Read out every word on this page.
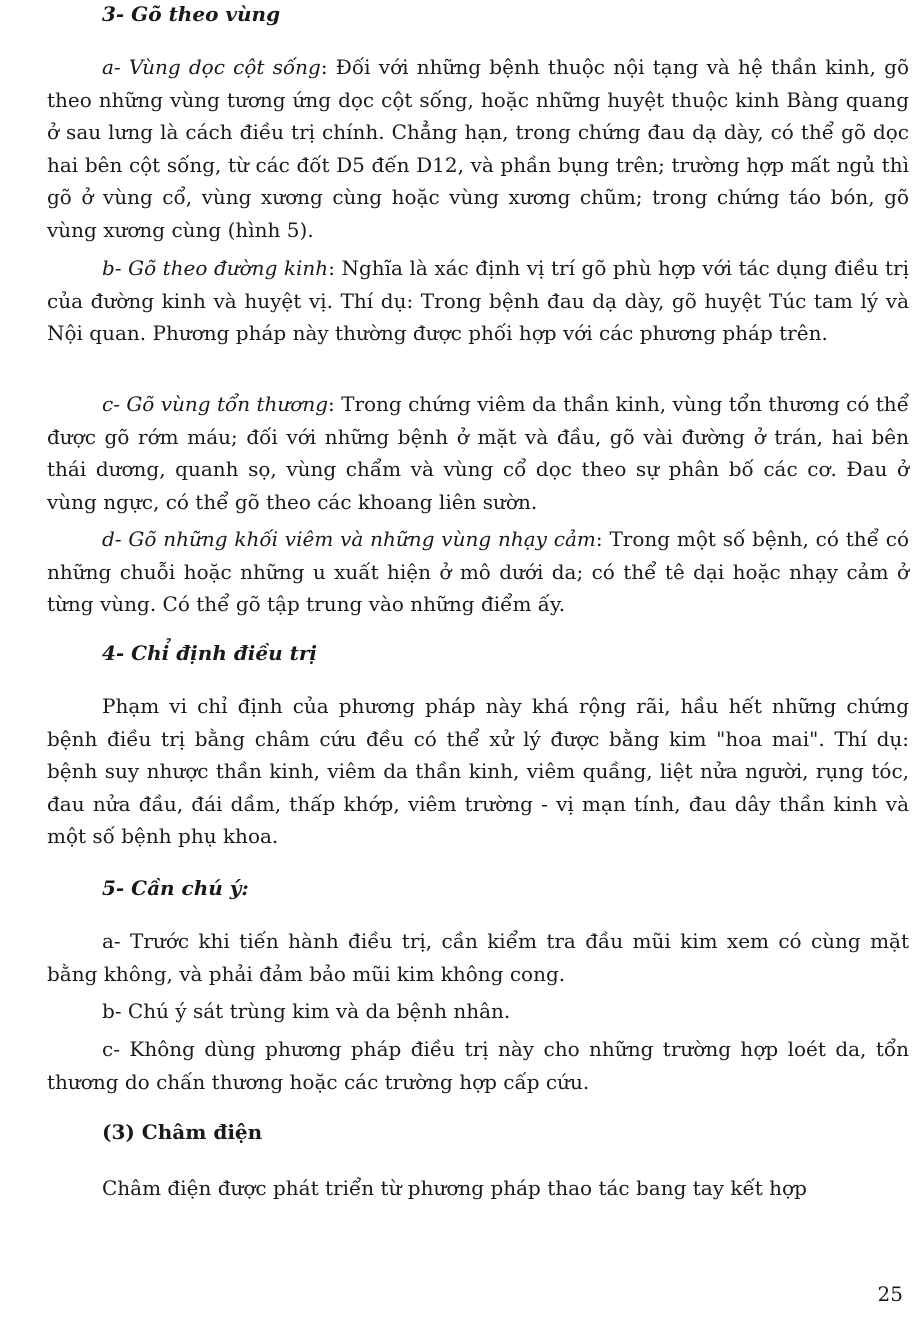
3- Gõ theo vùng

a- Vùng dọc cột sống: Đối với những bệnh thuộc nội tạng và hệ thần kinh, gõ theo những vùng tương ứng dọc cột sống, hoặc những huyệt thuộc kinh Bàng quang ở sau lưng là cách điều trị chính. Chẳng hạn, trong chứng đau dạ dày, có thể gõ dọc hai bên cột sống, từ các đốt D5 đến D12, và phần bụng trên; trường hợp mất ngủ thì gõ ở vùng cổ, vùng xương cùng hoặc vùng xương chũm; trong chứng táo bón, gõ vùng xương cùng (hình 5).

b- Gõ theo đường kinh: Nghĩa là xác định vị trí gõ phù hợp với tác dụng điều trị của đường kinh và huyệt vị. Thí dụ: Trong bệnh đau dạ dày, gõ huyệt Túc tam lý và Nội quan. Phương pháp này thường được phối hợp với các phương pháp trên.

c- Gõ vùng tổn thương: Trong chứng viêm da thần kinh, vùng tổn thương có thể được gõ rớm máu; đối với những bệnh ở mặt và đầu, gõ vài đường ở trán, hai bên thái dương, quanh sọ, vùng chẩm và vùng cổ dọc theo sự phân bố các cơ. Đau ở vùng ngực, có thể gõ theo các khoang liên sườn.

d- Gõ những khối viêm và những vùng nhạy cảm: Trong một số bệnh, có thể có những chuỗi hoặc những u xuất hiện ở mô dưới da; có thể tê dại hoặc nhạy cảm ở từng vùng. Có thể gõ tập trung vào những điểm ấy.

4- Chỉ định điều trị

Phạm vi chỉ định của phương pháp này khá rộng rãi, hầu hết những chứng bệnh điều trị bằng châm cứu đều có thể xử lý được bằng kim "hoa mai". Thí dụ: bệnh suy nhược thần kinh, viêm da thần kinh, viêm quầng, liệt nửa người, rụng tóc, đau nửa đầu, đái dầm, thấp khớp, viêm trường - vị mạn tính, đau dây thần kinh và một số bệnh phụ khoa.

5- Cần chú ý:

a- Trước khi tiến hành điều trị, cần kiểm tra đầu mũi kim xem có cùng mặt bằng không, và phải đảm bảo mũi kim không cong.

b- Chú ý sát trùng kim và da bệnh nhân.

c- Không dùng phương pháp điều trị này cho những trường hợp loét da, tổn thương do chấn thương hoặc các trường hợp cấp cứu.

(3) Châm điện

Châm điện được phát triển từ phương pháp thao tác bang tay kết hợp

25
